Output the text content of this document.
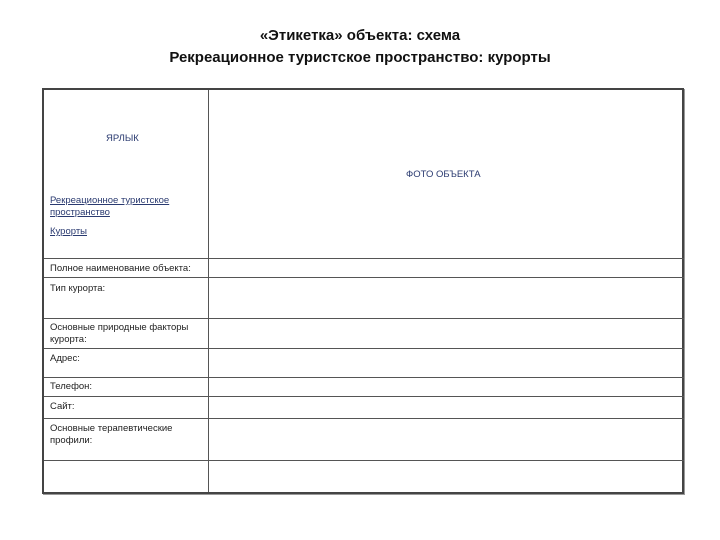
«Этикетка» объекта: схема
Рекреационное туристское пространство: курорты
ЯРЛЫК
Рекреационное туристское пространство
Курорты
ФОТО ОБЪЕКТА
Полное наименование объекта:
Тип курорта:
Основные природные факторы курорта:
Адрес:
Телефон:
Сайт:
Основные терапевтические профили:
